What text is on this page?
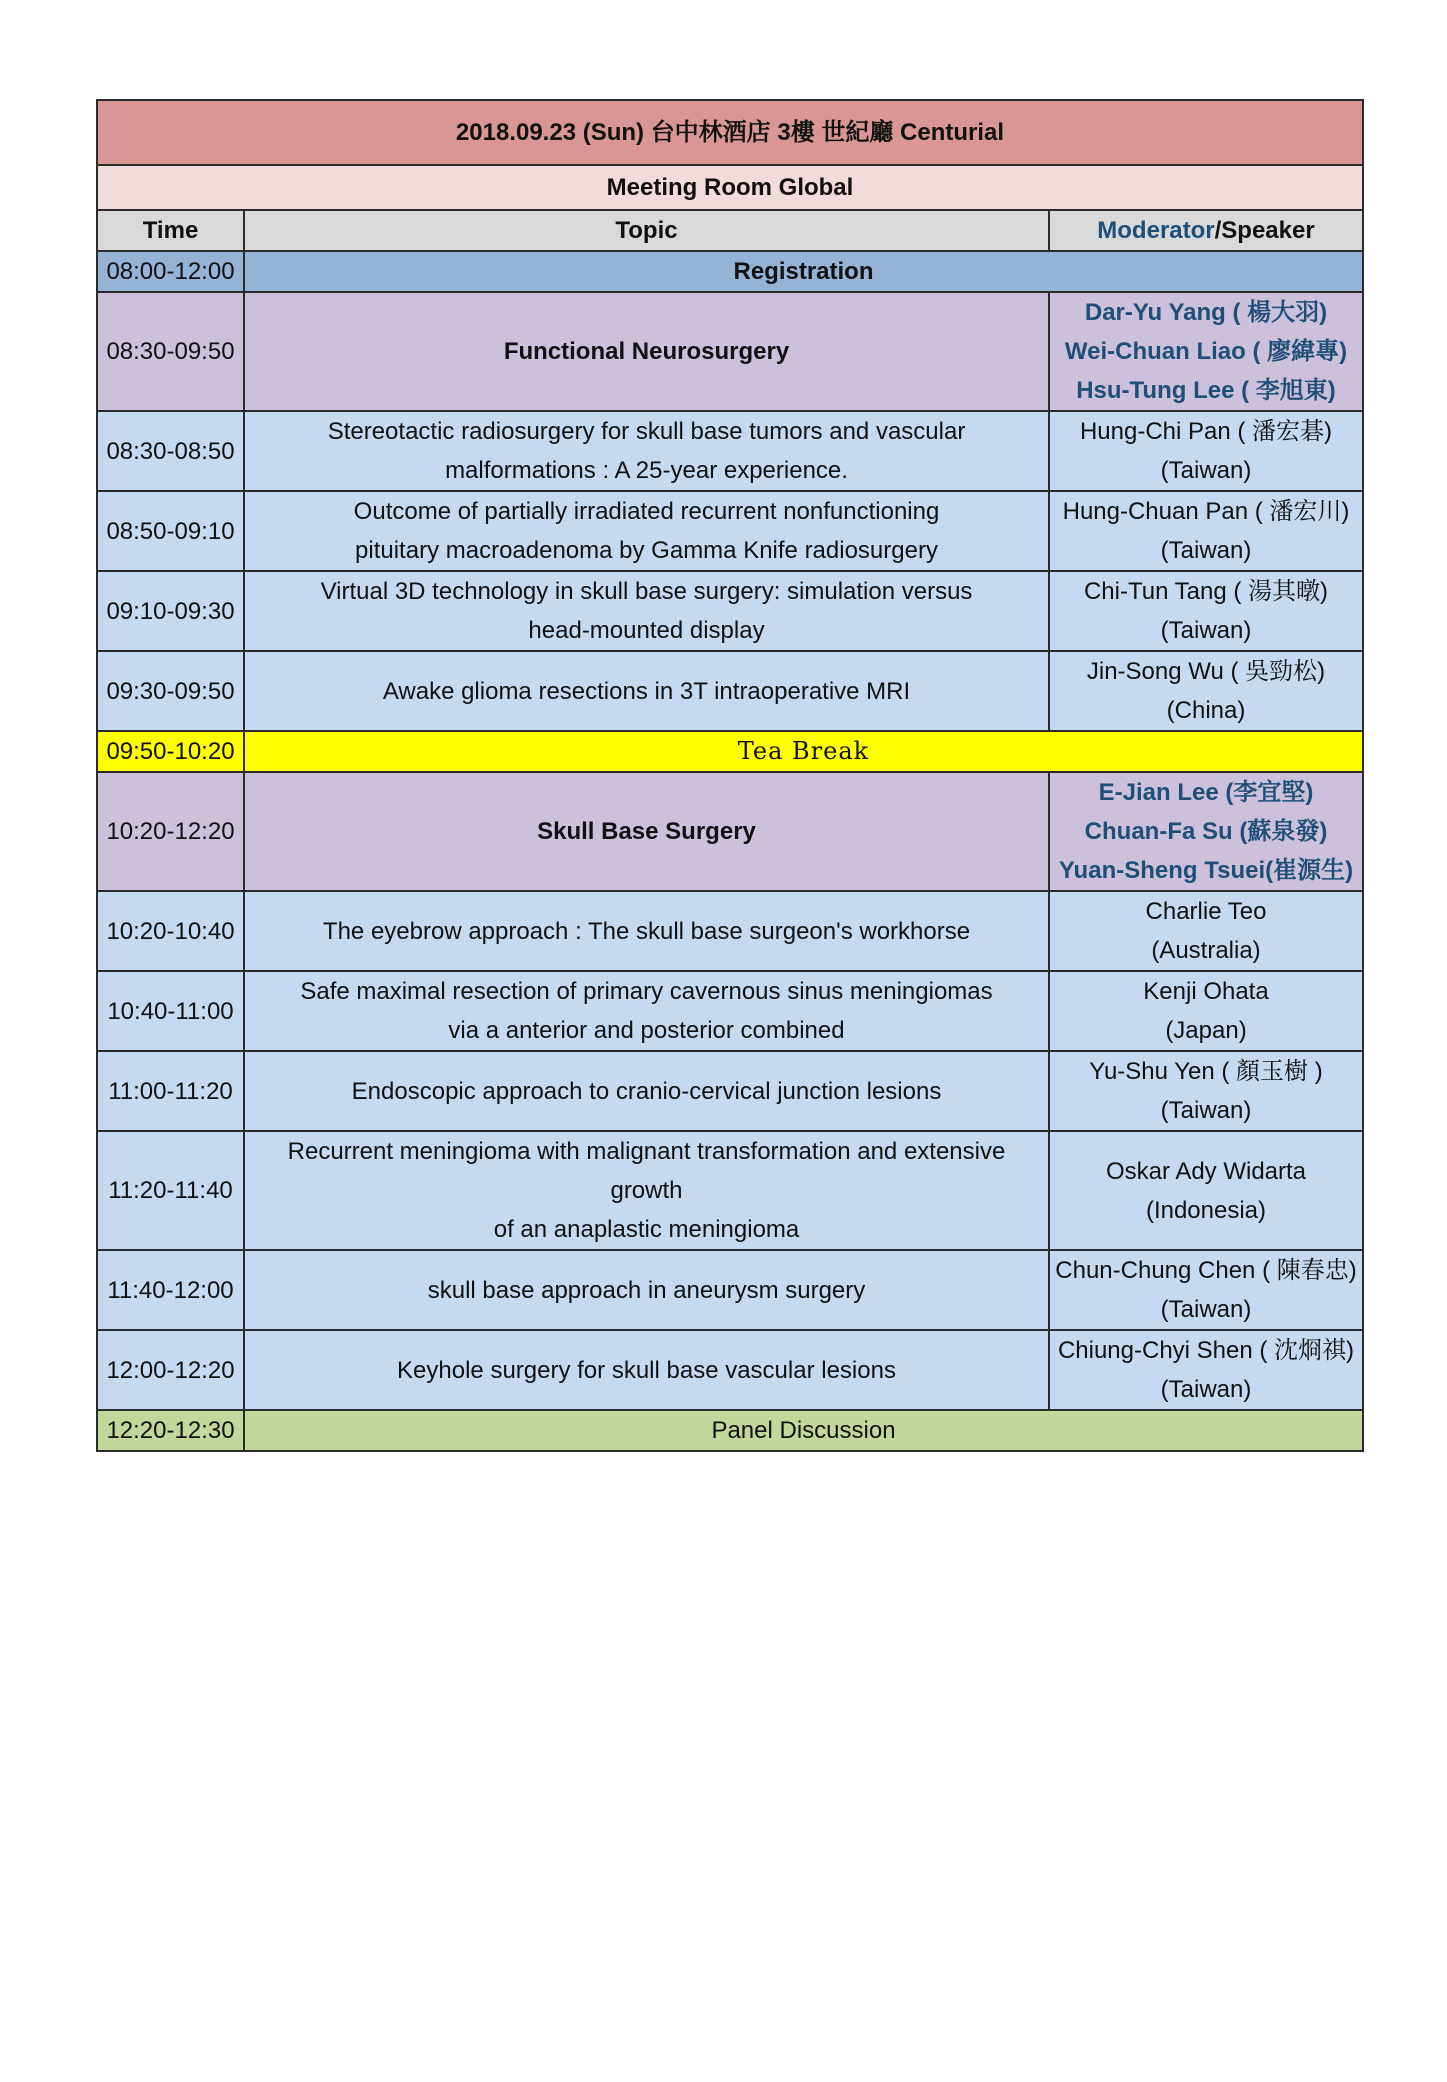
2018.09.23 (Sun) 台中林酒店 3樓 世紀廳 Centurial		
Meeting Room Global		
Time	Topic	Moderator/Speaker
08:00-12:00	Registration	
08:30-09:50	Functional Neurosurgery	Dar-Yu Yang ( 楊大羽)
Wei-Chuan Liao ( 廖緯專)
Hsu-Tung Lee ( 李旭東)

08:30-08:50	Stereotactic radiosurgery for skull base tumors and vascular
malformations : A 25-year experience.	Hung-Chi Pan ( 潘宏碁)
(Taiwan)

08:50-09:10	Outcome of partially irradiated recurrent nonfunctioning
pituitary macroadenoma by Gamma Knife radiosurgery	Hung-Chuan Pan ( 潘宏川)
(Taiwan)

09:10-09:30	Virtual 3D technology in skull base surgery: simulation versus
head-mounted display	Chi-Tun Tang ( 湯其暾)
(Taiwan)

09:30-09:50	Awake glioma resections in 3T intraoperative MRI	Jin-Song Wu ( 吳勁松)
(China)

09:50-10:20	Tea Break	
10:20-12:20	Skull Base Surgery	E-Jian Lee (李宜堅)
Chuan-Fa Su (蘇泉發)
Yuan-Sheng Tsuei(崔源生)

10:20-10:40	The eyebrow approach : The skull base surgeon's workhorse	Charlie Teo
(Australia)

10:40-11:00	Safe maximal resection of primary cavernous sinus meningiomas
via a anterior and posterior combined	Kenji Ohata
(Japan)

11:00-11:20	Endoscopic approach to cranio-cervical junction lesions	Yu-Shu Yen ( 顏玉樹 )
(Taiwan)

11:20-11:40	Recurrent meningioma with malignant transformation and extensive growth
of an anaplastic meningioma	Oskar Ady Widarta
(Indonesia)

11:40-12:00	skull base approach in aneurysm surgery	Chun-Chung Chen ( 陳春忠)
(Taiwan)

12:00-12:20	Keyhole surgery for skull base vascular lesions	Chiung-Chyi Shen ( 沈烱祺)
(Taiwan)

12:20-12:30	Panel Discussion	
